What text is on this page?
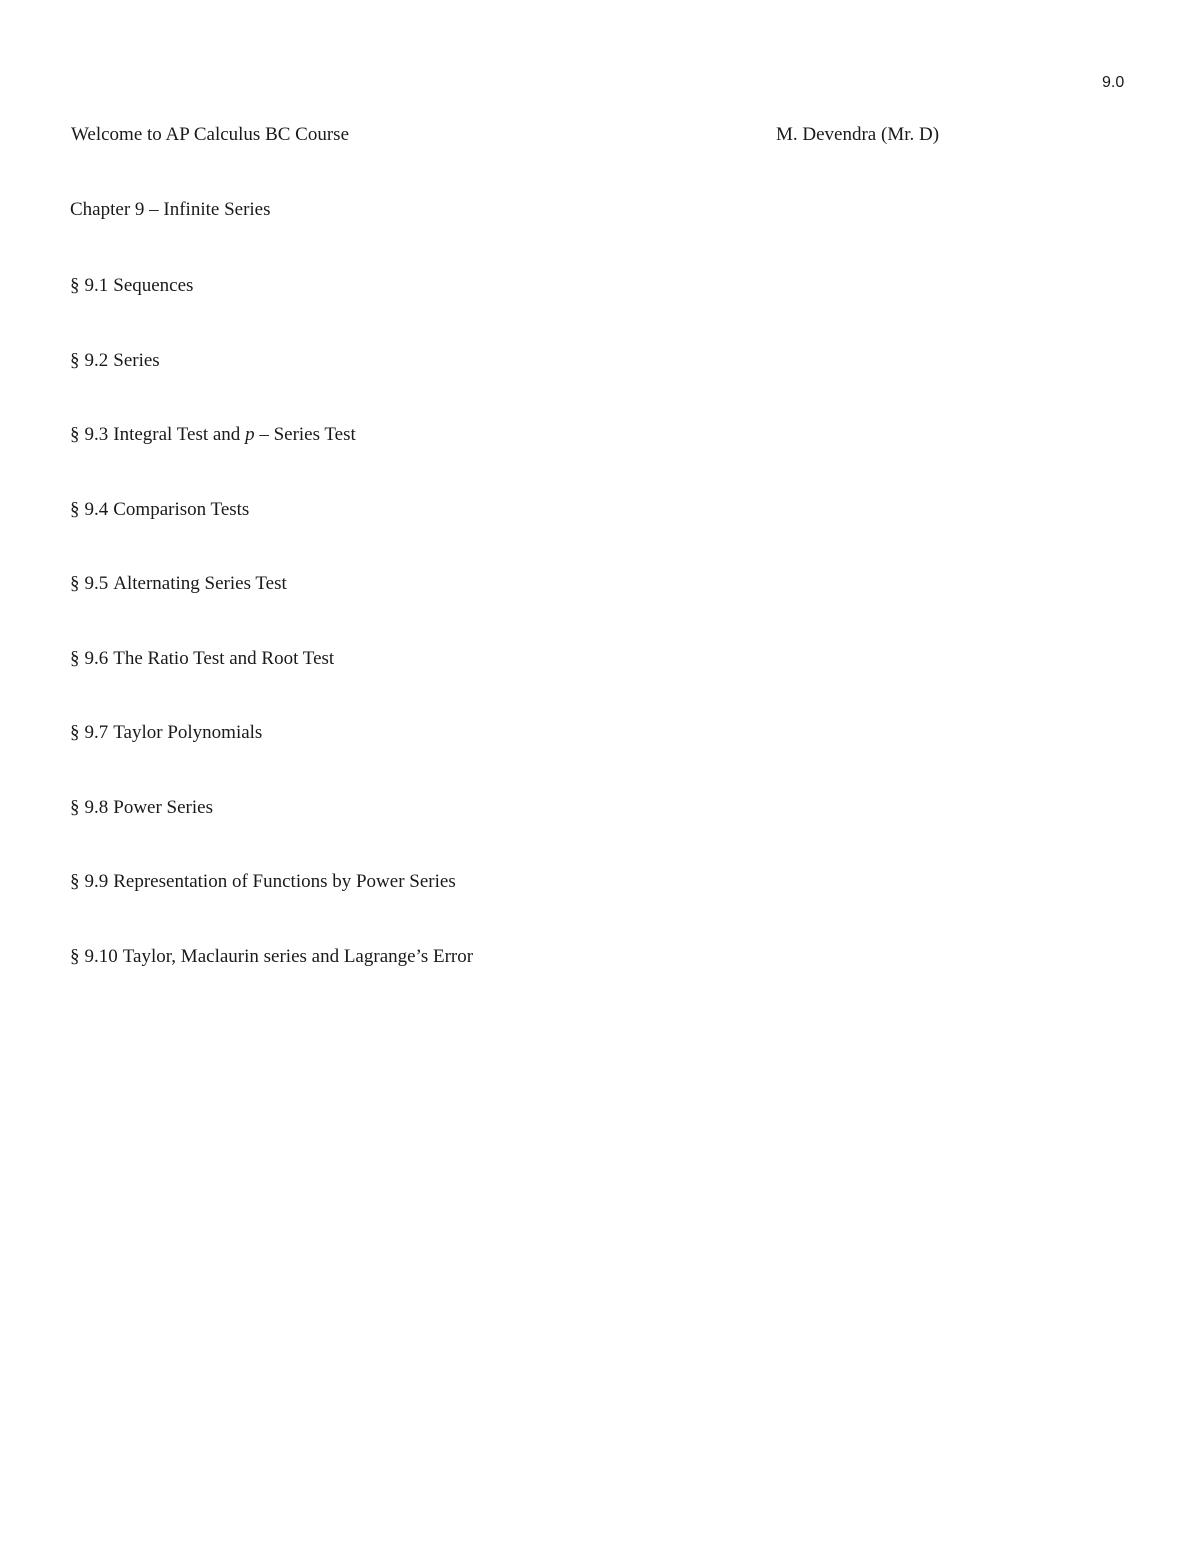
9.0
Welcome to AP Calculus BC Course	M. Devendra (Mr. D)
Chapter 9 – Infinite Series
§ 9.1 Sequences
§ 9.2 Series
§ 9.3 Integral Test and p – Series Test
§ 9.4 Comparison Tests
§ 9.5 Alternating Series Test
§ 9.6 The Ratio Test and Root Test
§ 9.7 Taylor Polynomials
§ 9.8 Power Series
§ 9.9 Representation of Functions by Power Series
§ 9.10 Taylor, Maclaurin series and Lagrange’s Error
